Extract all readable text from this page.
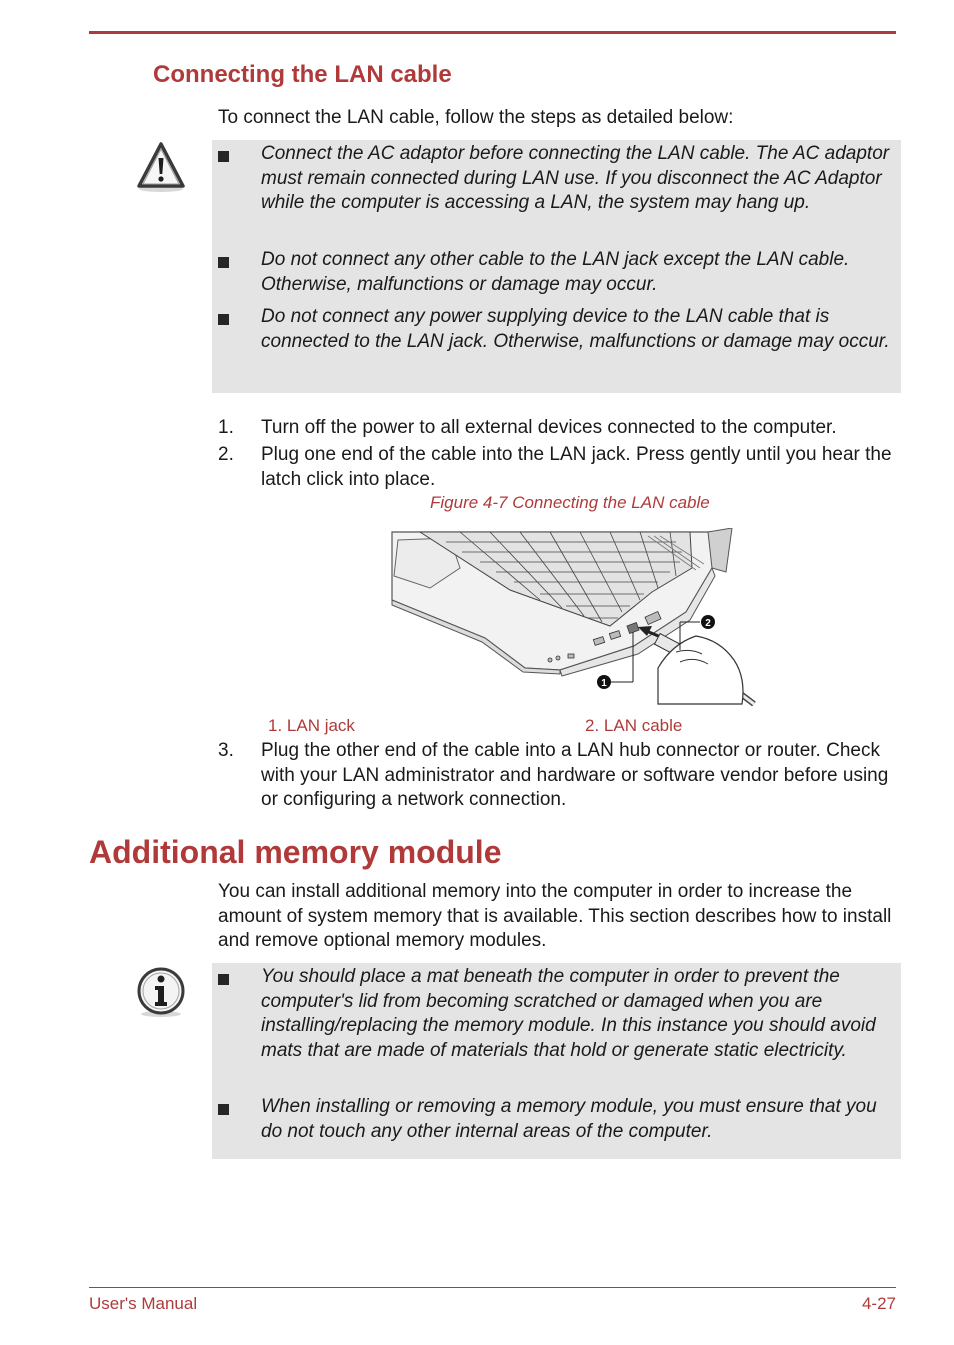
Connecting the LAN cable

To connect the LAN cable, follow the steps as detailed below:

Connect the AC adaptor before connecting the LAN cable. The AC adaptor must remain connected during LAN use. If you disconnect the AC Adaptor while the computer is accessing a LAN, the system may hang up.

Do not connect any other cable to the LAN jack except the LAN cable. Otherwise, malfunctions or damage may occur.

Do not connect any power supplying device to the LAN cable that is connected to the LAN jack. Otherwise, malfunctions or damage may occur.

1. Turn off the power to all external devices connected to the computer.
2. Plug one end of the cable into the LAN jack. Press gently until you hear the latch click into place.
Figure 4-7 Connecting the LAN cable
1
2
1. LAN jack	2. LAN cable
3. Plug the other end of the cable into a LAN hub connector or router. Check with your LAN administrator and hardware or software vendor before using or configuring a network connection.
Additional memory module

You can install additional memory into the computer in order to increase the amount of system memory that is available. This section describes how to install and remove optional memory modules.

You should place a mat beneath the computer in order to prevent the computer's lid from becoming scratched or damaged when you are installing/replacing the memory module. In this instance you should avoid mats that are made of materials that hold or generate static electricity.

When installing or removing a memory module, you must ensure that you do not touch any other internal areas of the computer.

User's Manual	4-27
